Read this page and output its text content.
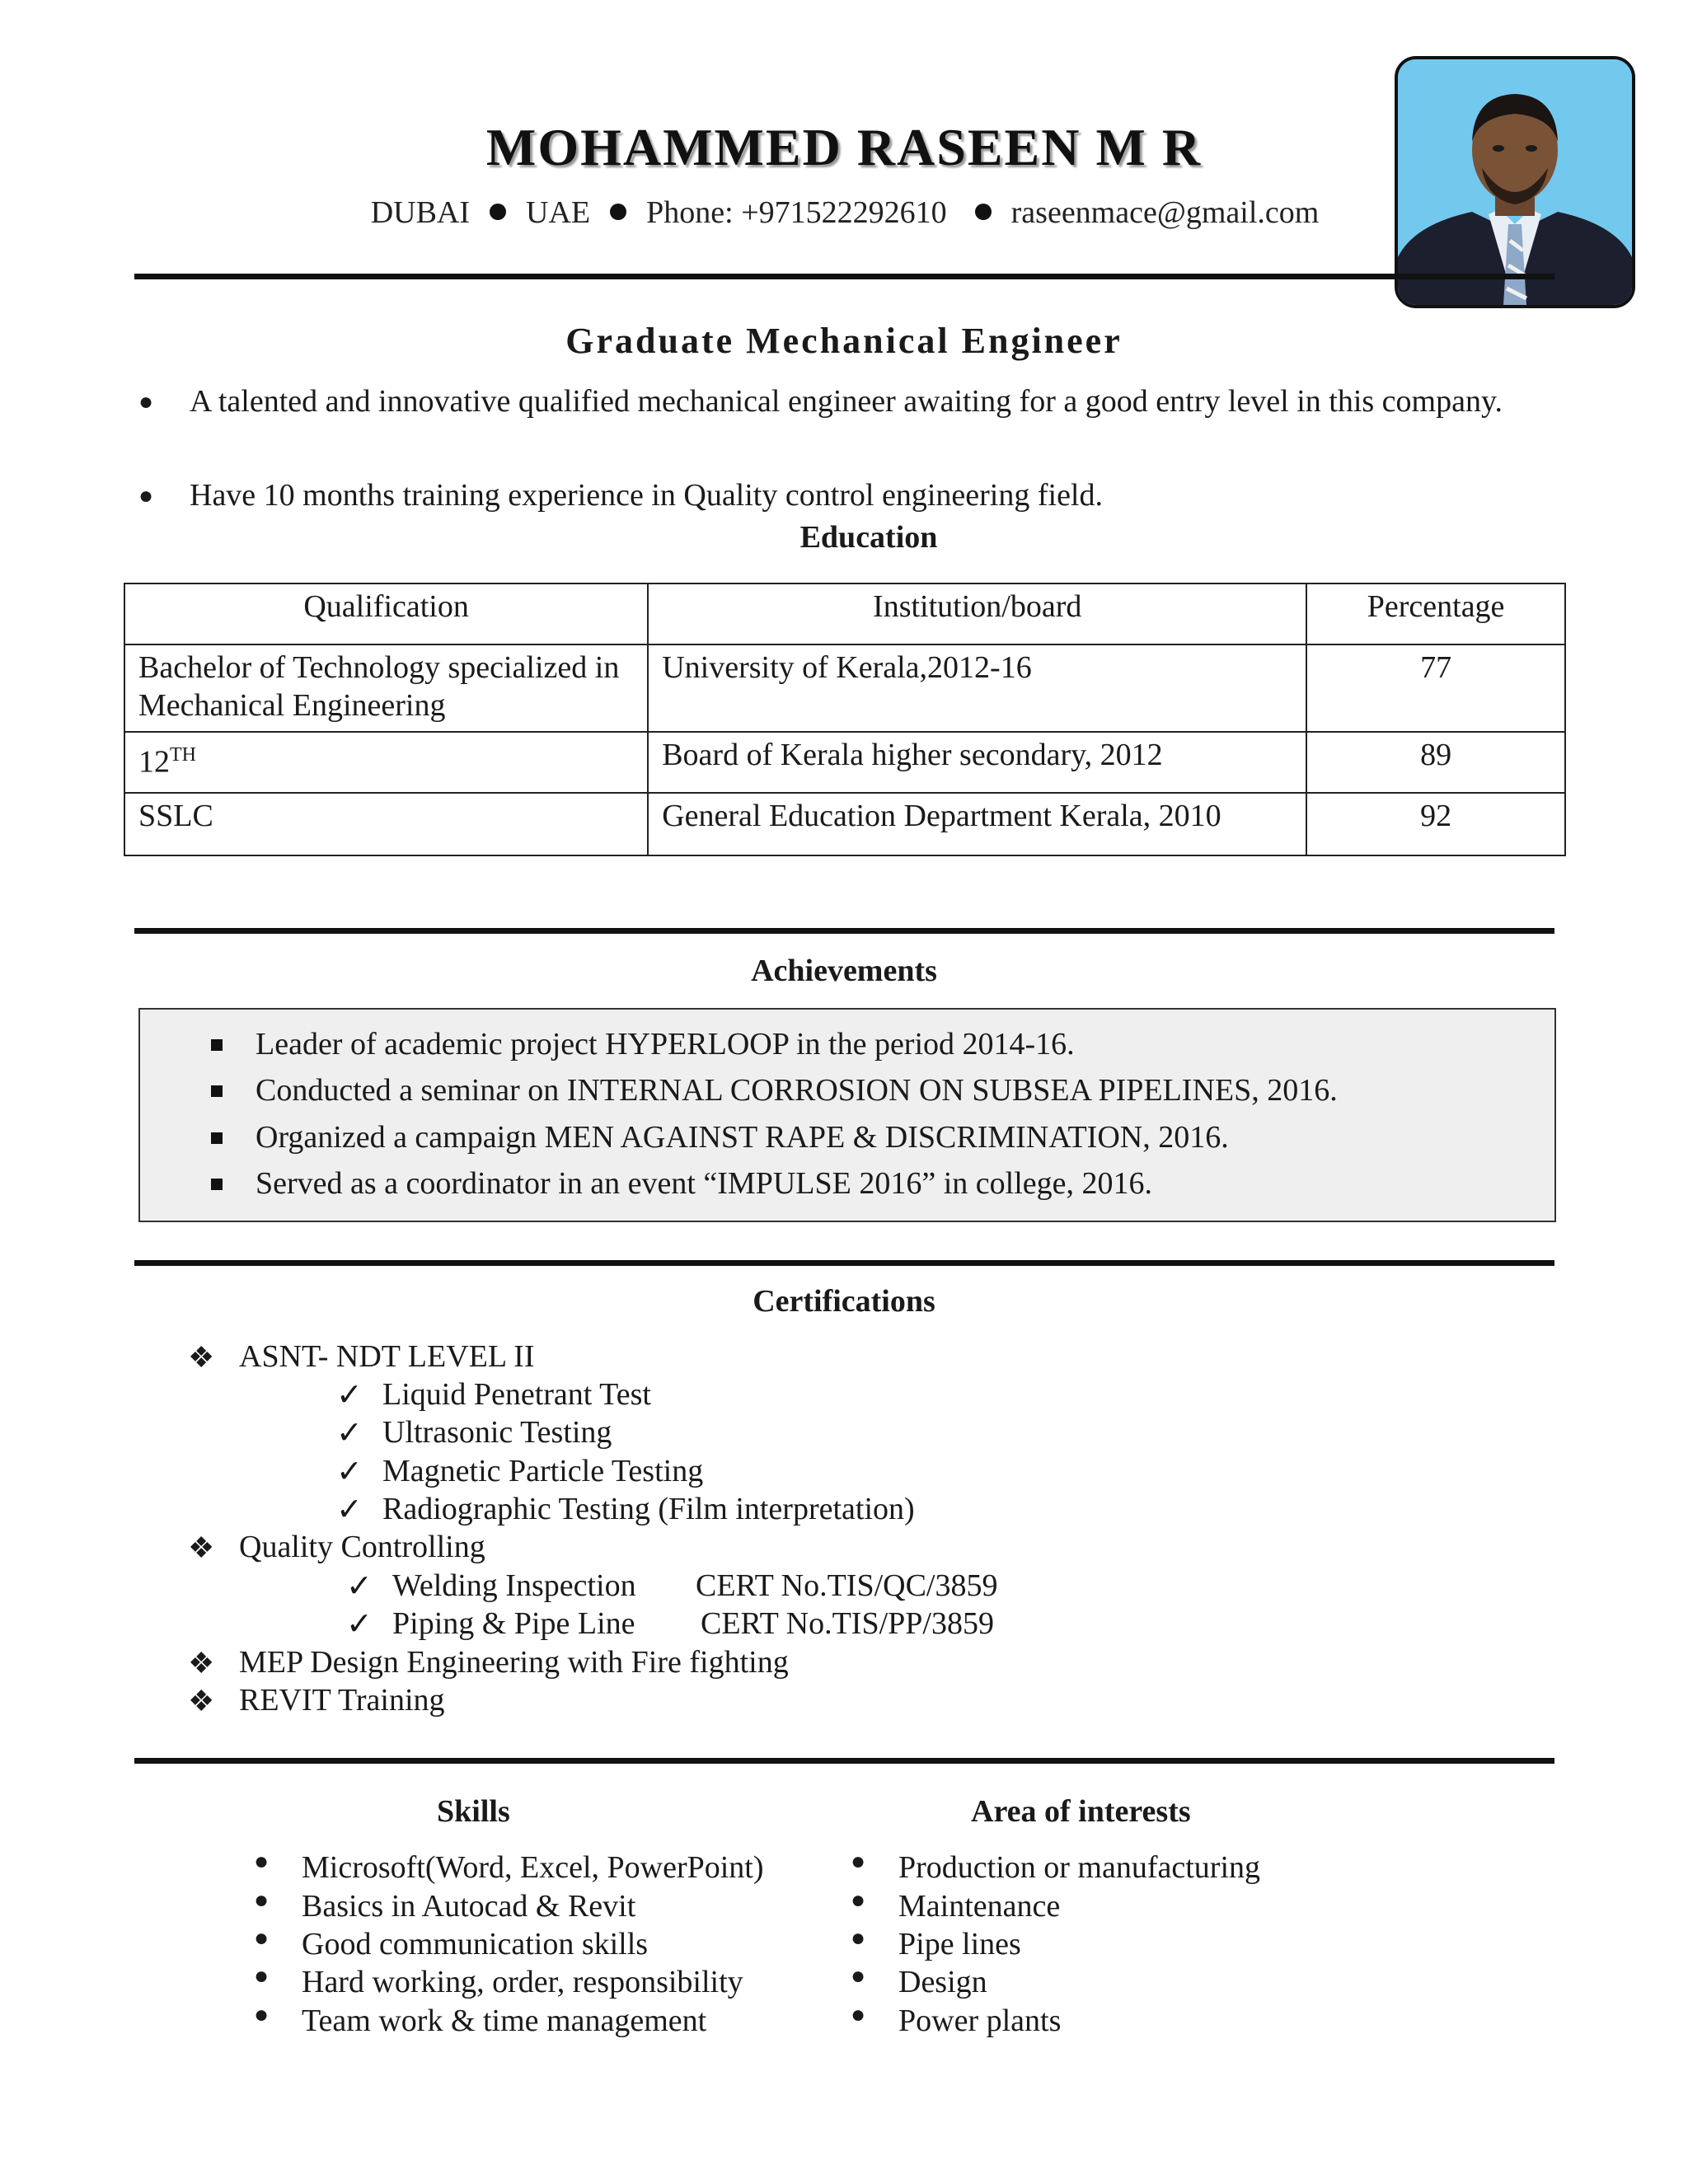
MOHAMMED RASEEN M R
DUBAI UAE Phone: +971522292610 raseenmace@gmail.com
Graduate Mechanical Engineer
● A talented and innovative qualified mechanical engineer awaiting for a good entry level in this company.
● Have 10 months training experience in Quality control engineering field.
Education
Qualification	Institution/board	Percentage
Bachelor of Technology specialized in Mechanical Engineering	University of Kerala,2012-16	77
12TH	Board of Kerala higher secondary, 2012	89
SSLC	General Education Department Kerala, 2010	92
Achievements
Leader of academic project HYPERLOOP in the period 2014-16.
Conducted a seminar on INTERNAL CORROSION ON SUBSEA PIPELINES, 2016.
Organized a campaign MEN AGAINST RAPE & DISCRIMINATION, 2016.
Served as a coordinator in an event “IMPULSE 2016” in college, 2016.
Certifications
❖ ASNT- NDT LEVEL II
✓ Liquid Penetrant Test
✓ Ultrasonic Testing
✓ Magnetic Particle Testing
✓ Radiographic Testing (Film interpretation)
❖ Quality Controlling
✓ Welding Inspection CERT No.TIS/QC/3859
✓ Piping & Pipe Line CERT No.TIS/PP/3859
❖ MEP Design Engineering with Fire fighting
❖ REVIT Training
Skills
● Microsoft(Word, Excel, PowerPoint)
● Basics in Autocad & Revit
● Good communication skills
● Hard working, order, responsibility
● Team work & time management
Area of interests
● Production or manufacturing
● Maintenance
● Pipe lines
● Design
● Power plants
